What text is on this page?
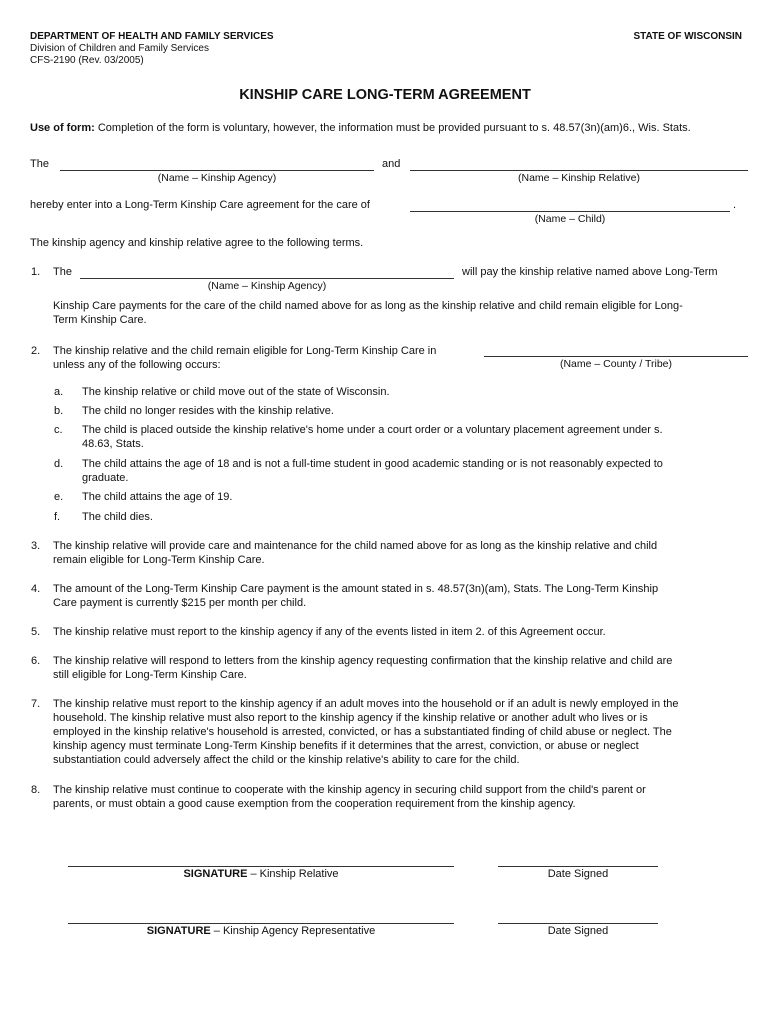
DEPARTMENT OF HEALTH AND FAMILY SERVICES
Division of Children and Family Services
CFS-2190 (Rev. 03/2005)
STATE OF WISCONSIN
KINSHIP CARE LONG-TERM AGREEMENT
Use of form: Completion of the form is voluntary, however, the information must be provided pursuant to s. 48.57(3n)(am)6., Wis. Stats.
The
(Name – Kinship Agency)
and
(Name – Kinship Relative)
hereby enter into a Long-Term Kinship Care agreement for the care of	.
(Name – Child)
The kinship agency and kinship relative agree to the following terms.
1. The
(Name – Kinship Agency)
will pay the kinship relative named above Long-Term
Kinship Care payments for the care of the child named above for as long as the kinship relative and child remain eligible for Long-
Term Kinship Care.
2. The kinship relative and the child remain eligible for Long-Term Kinship Care in
unless any of the following occurs:	(Name – County / Tribe)
a. The kinship relative or child move out of the state of Wisconsin.
b. The child no longer resides with the kinship relative.
c. The child is placed outside the kinship relative's home under a court order or a voluntary placement agreement under s.
48.63, Stats.
d. The child attains the age of 18 and is not a full-time student in good academic standing or is not reasonably expected to
graduate.
e. The child attains the age of 19.
f. The child dies.
3. The kinship relative will provide care and maintenance for the child named above for as long as the kinship relative and child
remain eligible for Long-Term Kinship Care.
4. The amount of the Long-Term Kinship Care payment is the amount stated in s. 48.57(3n)(am), Stats. The Long-Term Kinship
Care payment is currently $215 per month per child.
5. The kinship relative must report to the kinship agency if any of the events listed in item 2. of this Agreement occur.
6. The kinship relative will respond to letters from the kinship agency requesting confirmation that the kinship relative and child are
still eligible for Long-Term Kinship Care.
7. The kinship relative must report to the kinship agency if an adult moves into the household or if an adult is newly employed in the
household. The kinship relative must also report to the kinship agency if the kinship relative or another adult who lives or is
employed in the kinship relative's household is arrested, convicted, or has a substantiated finding of child abuse or neglect. The
kinship agency must terminate Long-Term Kinship benefits if it determines that the arrest, conviction, or abuse or neglect
substantiation could adversely affect the child or the kinship relative's ability to care for the child.
8. The kinship relative must continue to cooperate with the kinship agency in securing child support from the child's parent or
parents, or must obtain a good cause exemption from the cooperation requirement from the kinship agency.
SIGNATURE – Kinship Relative	Date Signed
SIGNATURE – Kinship Agency Representative	Date Signed
